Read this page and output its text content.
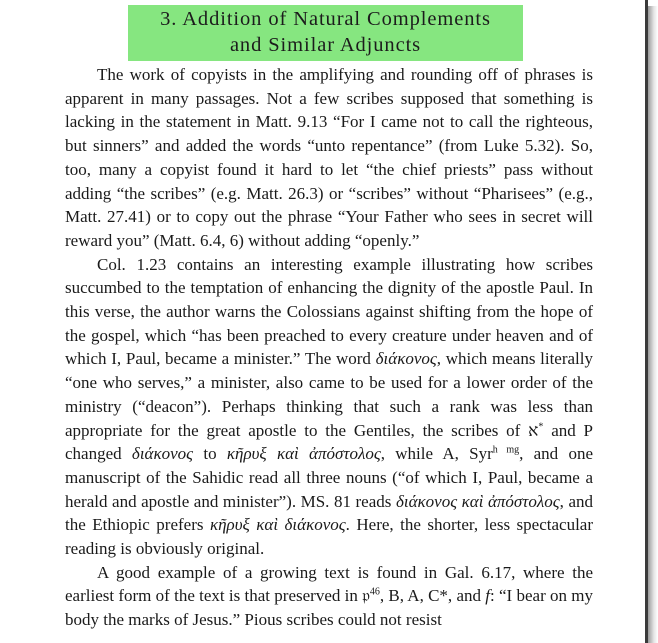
3. Addition of Natural Complements
and Similar Adjuncts

The work of copyists in the amplifying and rounding off of phrases is apparent in many passages. Not a few scribes supposed that something is lacking in the statement in Matt. 9.13 “For I came not to call the righteous, but sinners” and added the words “unto repentance” (from Luke 5.32). So, too, many a copyist found it hard to let “the chief priests” pass without adding “the scribes” (e.g. Matt. 26.3) or “scribes” without “Pharisees” (e.g., Matt. 27.41) or to copy out the phrase “Your Father who sees in secret will reward you” (Matt. 6.4, 6) without adding “openly.”

Col. 1.23 contains an interesting example illustrating how scribes succumbed to the temptation of enhancing the dignity of the apostle Paul. In this verse, the author warns the Colossians against shifting from the hope of the gospel, which “has been preached to every creature under heaven and of which I, Paul, became a minister.” The word διάκονος, which means literally “one who serves,” a minister, also came to be used for a lower order of the ministry (“deacon”). Perhaps thinking that such a rank was less than appropriate for the great apostle to the Gentiles, the scribes of א* and P changed διάκονος to κῆρυξ καὶ ἀπόστολος, while A, Syr$^{h mg}$, and one manuscript of the Sahidic read all three nouns (“of which I, Paul, became a herald and apostle and minister”). MS. 81 reads διάκονος καὶ ἀπόστολος, and the Ethiopic prefers κῆρυξ καὶ διάκονος. Here, the shorter, less spectacular reading is obviously original.

A good example of a growing text is found in Gal. 6.17, where the earliest form of the text is that preserved in 𝔭$^{46}$, B, A, C*, and f: “I bear on my body the marks of Jesus.” Pious scribes could not resist
